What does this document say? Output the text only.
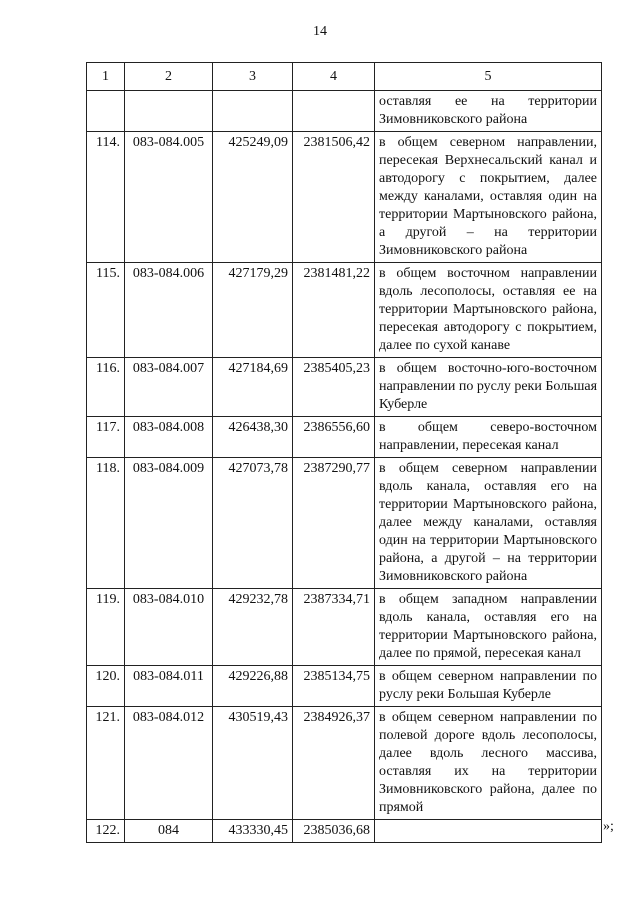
14
1	2	3	4	5
				оставляя ее на территории Зимовниковского района
114.	083-084.005	425249,09	2381506,42	в общем северном направлении, пересекая Верхнесальский канал и автодорогу с покрытием, далее между каналами, оставляя один на территории Мартыновского района, а другой – на территории Зимовниковского района
115.	083-084.006	427179,29	2381481,22	в общем восточном направлении вдоль лесополосы, оставляя ее на территории Мартыновского района, пересекая автодорогу с покрытием, далее по сухой канаве
116.	083-084.007	427184,69	2385405,23	в общем восточно-юго-восточном направлении по руслу реки Большая Куберле
117.	083-084.008	426438,30	2386556,60	в общем северо-восточном направлении, пересекая канал
118.	083-084.009	427073,78	2387290,77	в общем северном направлении вдоль канала, оставляя его на территории Мартыновского района, далее между каналами, оставляя один на территории Мартыновского района, а другой – на территории Зимовниковского района
119.	083-084.010	429232,78	2387334,71	в общем западном направлении вдоль канала, оставляя его на территории Мартыновского района, далее по прямой, пересекая канал
120.	083-084.011	429226,88	2385134,75	в общем северном направлении по руслу реки Большая Куберле
121.	083-084.012	430519,43	2384926,37	в общем северном направлении по полевой дороге вдоль лесополосы, далее вдоль лесного массива, оставляя их на территории Зимовниковского района, далее по прямой
122.	084	433330,45	2385036,68		»;
